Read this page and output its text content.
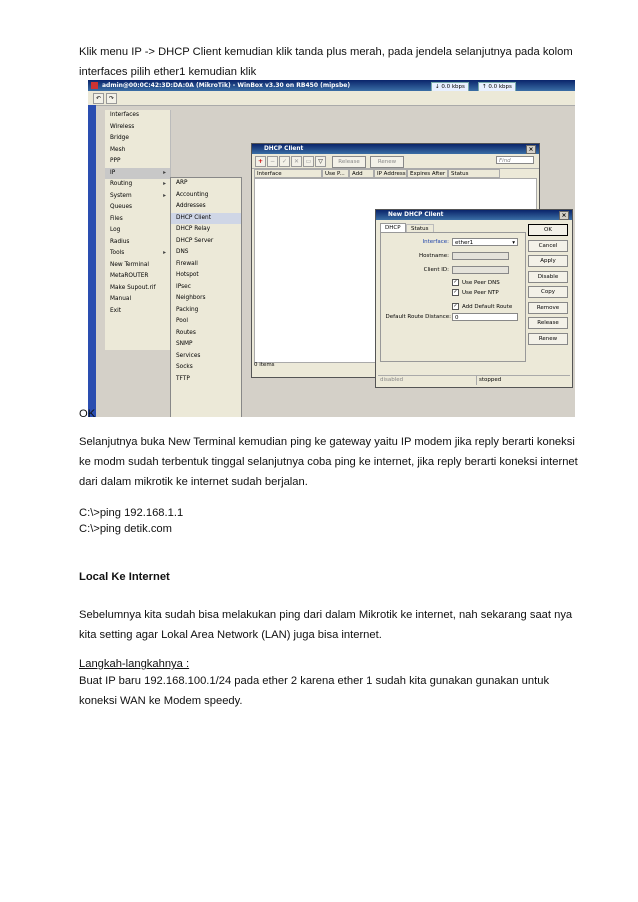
Klik menu IP -> DHCP Client kemudian klik tanda plus merah, pada jendela selanjutnya pada kolom interfaces pilih ether1 kemudian klik
admin@00:0C:42:3D:DA:0A (MikroTik) - WinBox v3.30 on RB450 (mipsbe)	↓ 0.0 kbps	↑ 0.0 kbps
↶	↷
Interfaces
Wireless
Bridge
Mesh
PPP
IP	▸
Routing	▸
System	▸
Queues
Files
Log
Radius
Tools	▸
New Terminal
MetaROUTER
Make Supout.rif
Manual
Exit
ARP
Accounting
Addresses
DHCP Client
DHCP Relay
DHCP Server
DNS
Firewall
Hotspot
IPsec
Neighbors
Packing
Pool
Routes
SNMP
Services
Socks
TFTP
DHCP Client	×
+	−	✓	✕	▭	▽	Release	Renew	Find
Interface	Use P...	Add	IP Address Expires After	Status
0 items
New DHCP Client	×
DHCP	Status
Interface:	ether1	▾
Hostname:
Client ID:
✓ Use Peer DNS
✓ Use Peer NTP
✓ Add Default Route
Default Route Distance: 0
OK
Cancel
Apply
Disable
Copy
Remove
Release
Renew
disabled	stopped
OK
Selanjutnya buka New Terminal kemudian ping ke gateway yaitu IP modem jika reply berarti koneksi ke modm sudah terbentuk tinggal selanjutnya coba ping ke internet, jika reply berarti koneksi internet dari dalam mikrotik ke internet sudah berjalan.
C:\>ping 192.168.1.1
C:\>ping detik.com
Local Ke Internet
Sebelumnya kita sudah bisa melakukan ping dari dalam Mikrotik ke internet, nah sekarang saat nya kita setting agar Lokal Area Network (LAN) juga bisa internet.
Langkah-langkahnya :
Buat IP baru 192.168.100.1/24 pada ether 2 karena ether 1 sudah kita gunakan gunakan untuk koneksi WAN ke Modem speedy.
